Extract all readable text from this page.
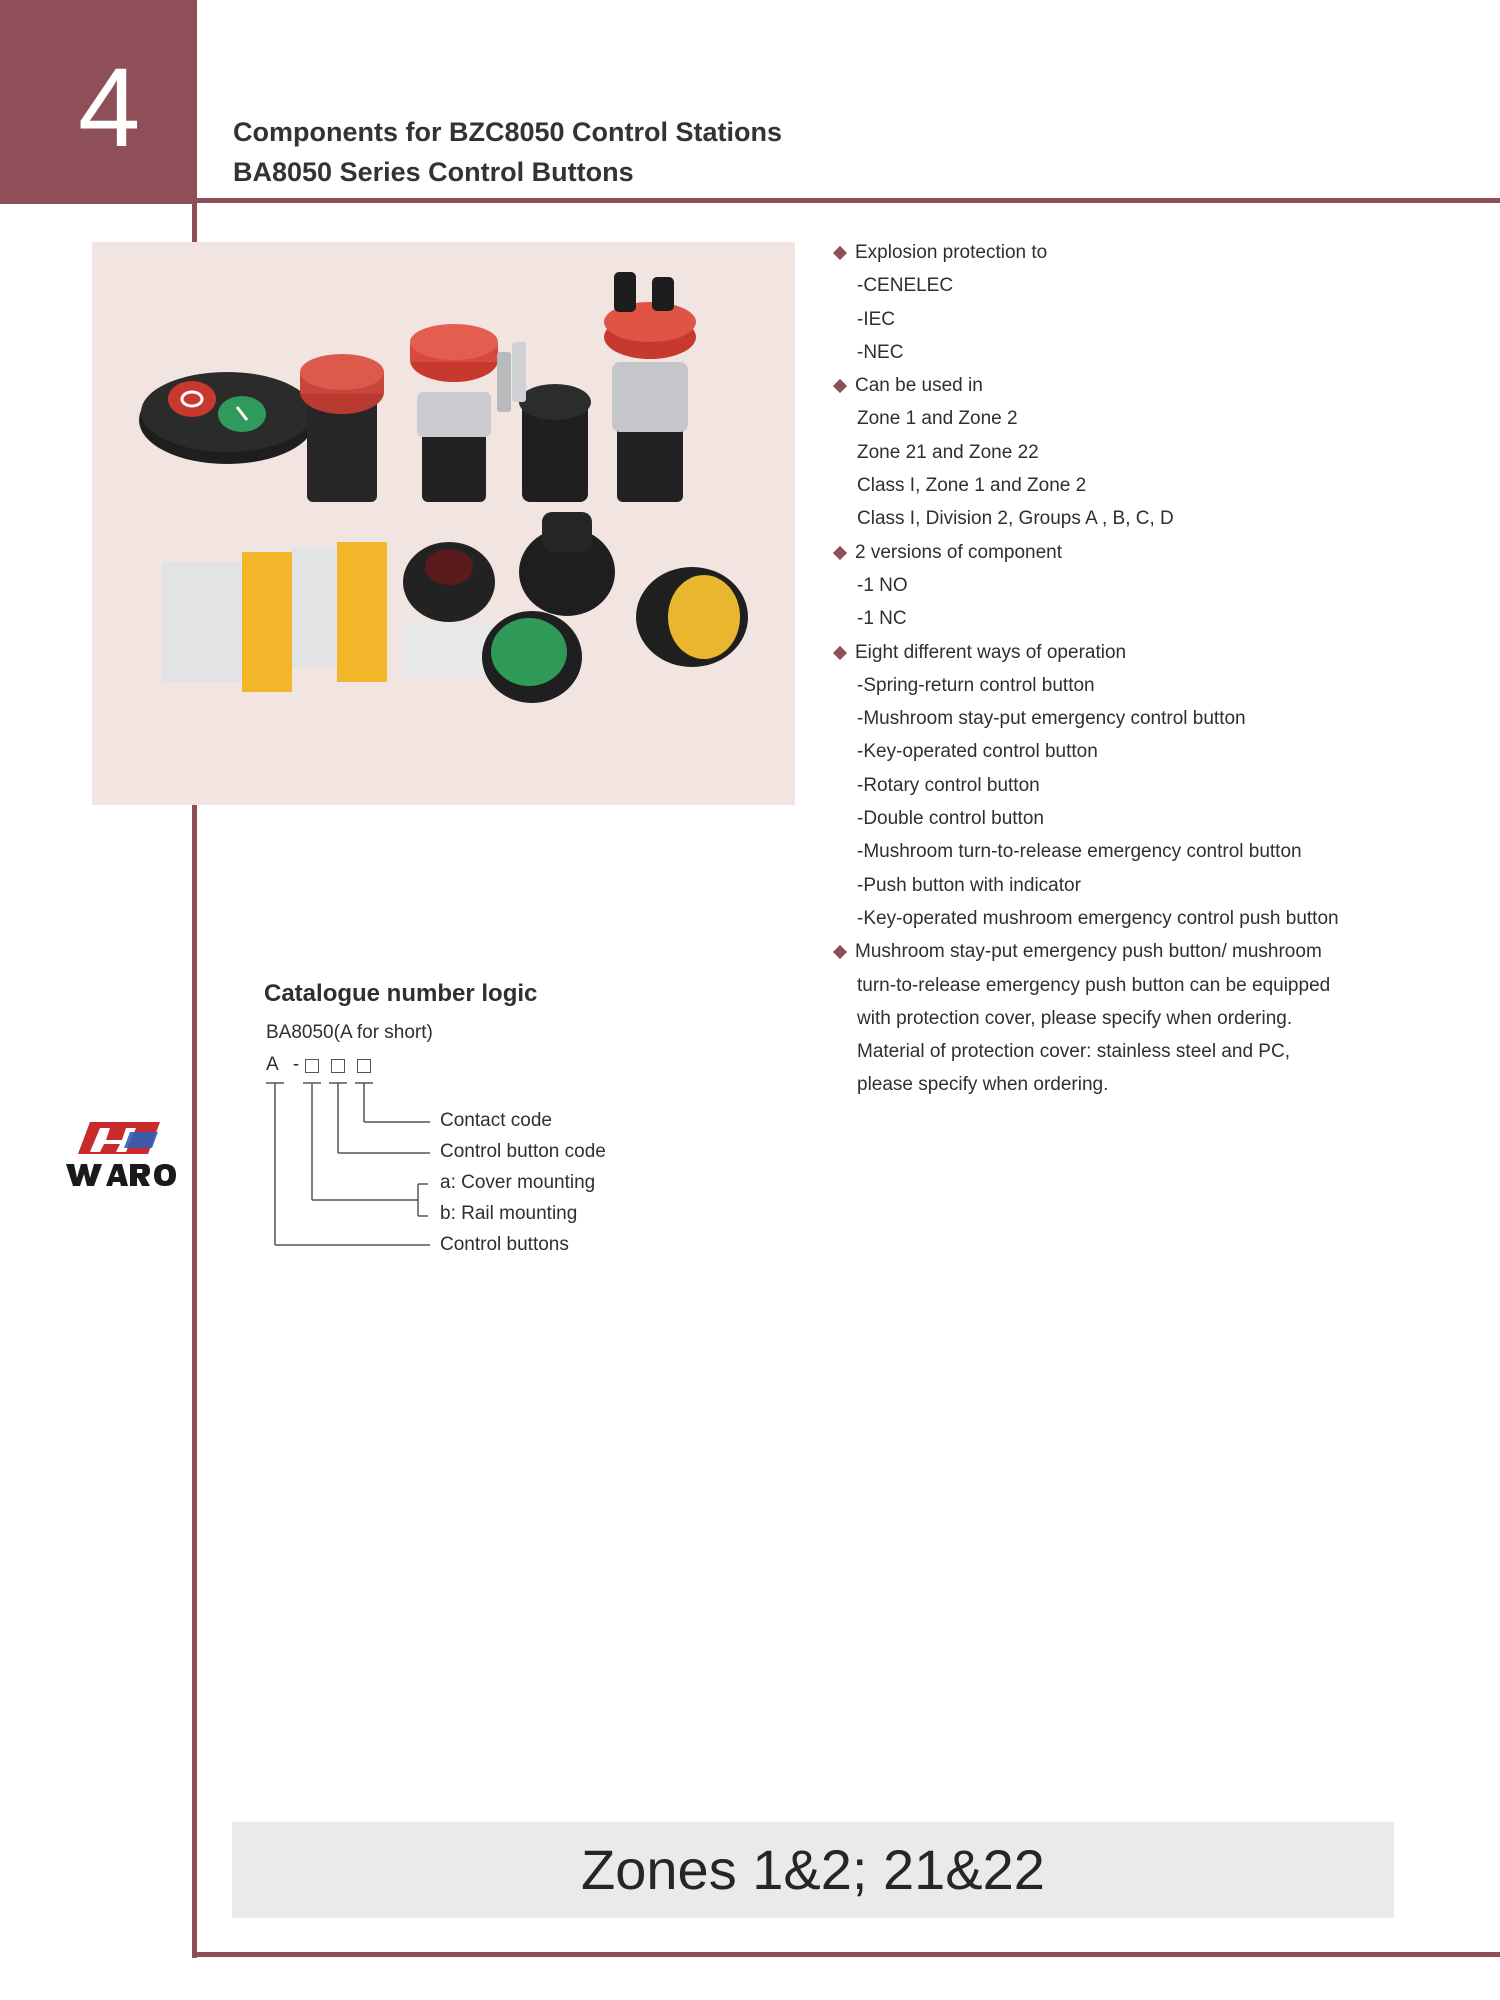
4	Components for BZC8050 Control Stations
BA8050 Series Control Buttons
Explosion protection to
-CENELEC
-IEC
-NEC
Can be used in
Zone 1 and Zone 2
Zone 21 and Zone 22
Class I, Zone 1 and Zone 2
Class I, Division 2, Groups A , B, C, D
2 versions of component
-1 NO
-1 NC
Eight different ways of operation
-Spring-return control button
-Mushroom stay-put emergency control button
-Key-operated control button
-Rotary control button
-Double control button
-Mushroom turn-to-release emergency control button
-Push button with indicator
-Key-operated mushroom emergency control push button
Mushroom stay-put emergency push button/ mushroom
turn-to-release emergency push button can be equipped
with protection cover, please specify when ordering.
Material of protection cover: stainless steel and PC,
please specify when ordering.
Catalogue number logic
BA8050(A for short)
A -
Contact code
Control button code
a: Cover mounting
b: Rail mounting
Control buttons
Zones 1&2; 21&22
